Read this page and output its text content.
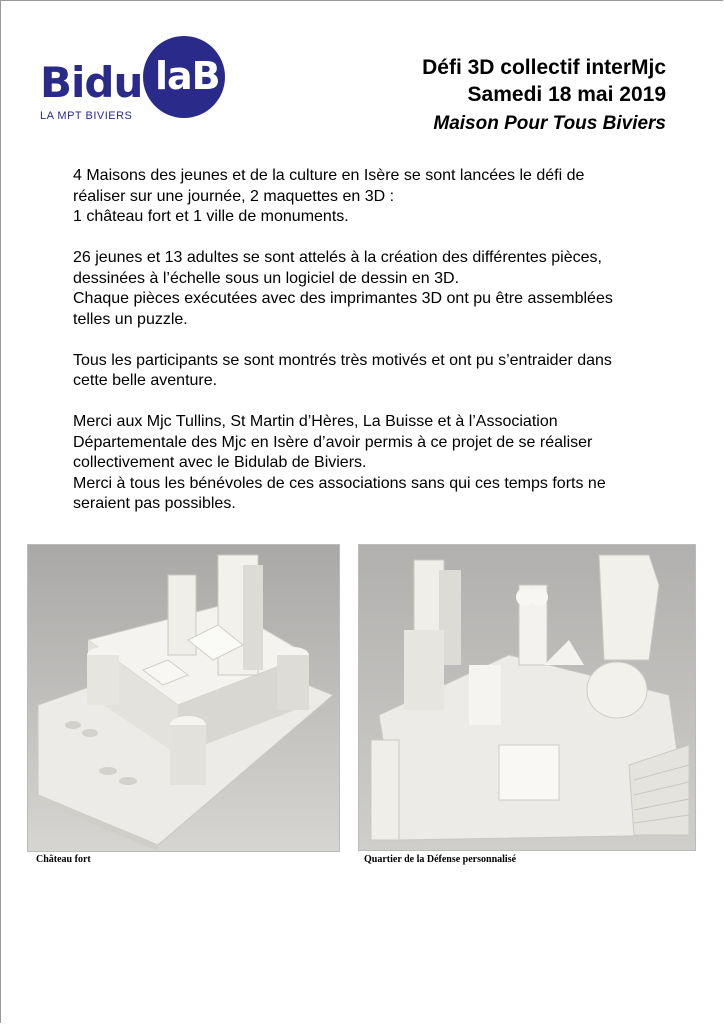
laB
Bidu
LA MPT BIVIERS
Défi 3D collectif interMjc
Samedi 18 mai 2019
Maison Pour Tous Biviers

4 Maisons des jeunes et de la culture en Isère se sont lancées le défi de
réaliser sur une journée, 2 maquettes en 3D :
1 château fort et 1 ville de monuments.

26 jeunes et 13 adultes se sont attelés à la création des différentes pièces,
dessinées à l’échelle sous un logiciel de dessin en 3D.
Chaque pièces exécutées avec des imprimantes 3D ont pu être assemblées
telles un puzzle.

Tous les participants se sont montrés très motivés et ont pu s’entraider dans
cette belle aventure.

Merci aux Mjc Tullins, St Martin d’Hères, La Buisse et à l’Association
Départementale des Mjc en Isère d’avoir permis à ce projet de se réaliser
collectivement avec le Bidulab de Biviers.
Merci à tous les bénévoles de ces associations sans qui ces temps forts ne
seraient pas possibles.

Château fort	Quartier de la Défense personnalisé
